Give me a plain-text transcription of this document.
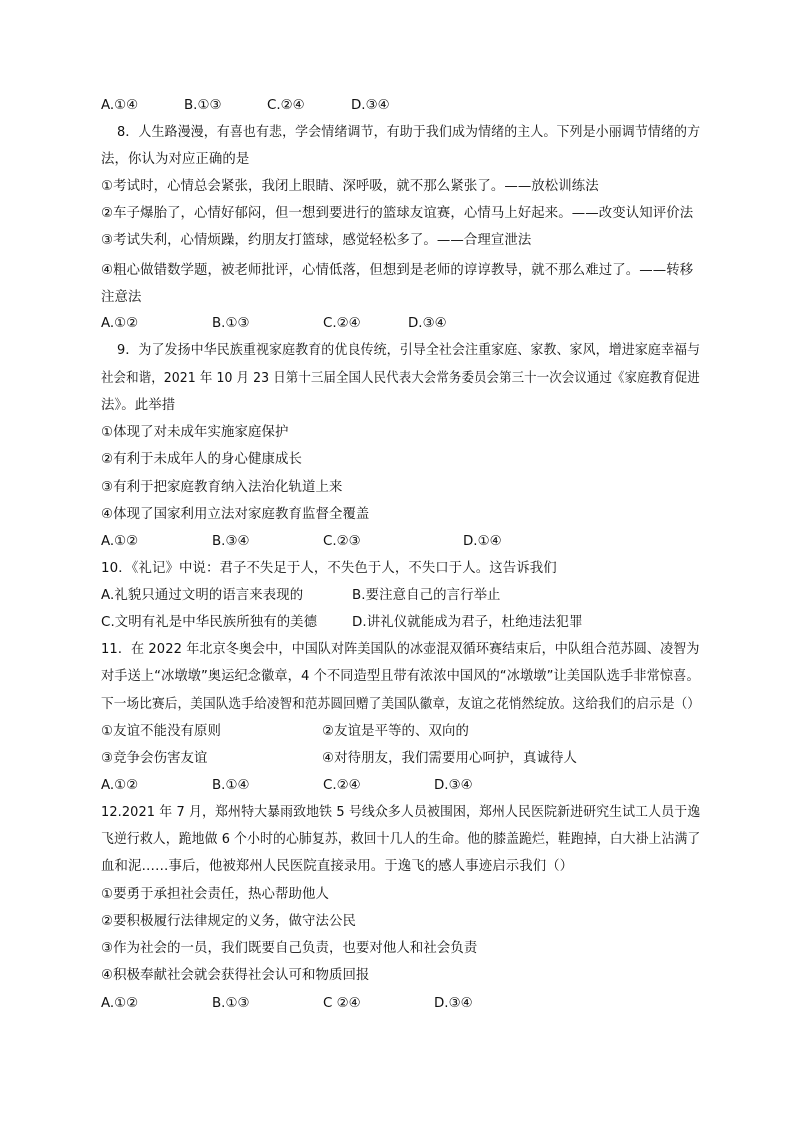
A.①④	B.①③	C.②④	D.③④
8．人生路漫漫，有喜也有悲，学会情绪调节，有助于我们成为情绪的主人。下列是小丽调节情绪的方
法，你认为对应正确的是
①考试时，心情总会紧张，我闭上眼睛、深呼吸，就不那么紧张了。——放松训练法
②车子爆胎了，心情好郁闷，但一想到要进行的篮球友谊赛，心情马上好起来。——改变认知评价法
③考试失利，心情烦躁，约朋友打篮球，感觉轻松多了。——合理宣泄法
④粗心做错数学题，被老师批评，心情低落，但想到是老师的谆谆教导，就不那么难过了。——转移
注意法
A.①②	B.①③	C.②④	D.③④
9．为了发扬中华民族重视家庭教育的优良传统，引导全社会注重家庭、家教、家风，增进家庭幸福与
社会和谐，2021 年 10 月 23 日第十三届全国人民代表大会常务委员会第三十一次会议通过《家庭教育促进
法》。此举措
①体现了对未成年实施家庭保护
②有利于未成年人的身心健康成长
③有利于把家庭教育纳入法治化轨道上来
④体现了国家利用立法对家庭教育监督全覆盖
A.①②	B.③④	C.②③	D.①④
10．《礼记》中说：君子不失足于人，不失色于人，不失口于人。这告诉我们
A.礼貌只通过文明的语言来表现的	B.要注意自己的言行举止
C.文明有礼是中华民族所独有的美德	D.讲礼仪就能成为君子，杜绝违法犯罪
11．在 2022 年北京冬奥会中，中国队对阵美国队的冰壶混双循环赛结束后，中队组合范苏圆、凌智为
对手送上“冰墩墩”奥运纪念徽章，4 个不同造型且带有浓浓中国风的“冰墩墩”让美国队选手非常惊喜。
下一场比赛后，美国队选手给凌智和范苏圆回赠了美国队徽章，友谊之花悄然绽放。这给我们的启示是（）
①友谊不能没有原则	②友谊是平等的、双向的
③竞争会伤害友谊	④对待朋友，我们需要用心呵护，真诚待人
A.①②	B.①④	C.②④	D.③④
12.2021 年 7 月，郑州特大暴雨致地铁 5 号线众多人员被围困，郑州人民医院新进研究生试工人员于逸
飞逆行救人，跪地做 6 个小时的心肺复苏，救回十几人的生命。他的膝盖跪烂，鞋跑掉，白大褂上沾满了
血和泥……事后，他被郑州人民医院直接录用。于逸飞的感人事迹启示我们（）
①要勇于承担社会责任，热心帮助他人
②要积极履行法律规定的义务，做守法公民
③作为社会的一员，我们既要自己负责，也要对他人和社会负责
④积极奉献社会就会获得社会认可和物质回报
A.①②	B.①③	C ②④	D.③④
